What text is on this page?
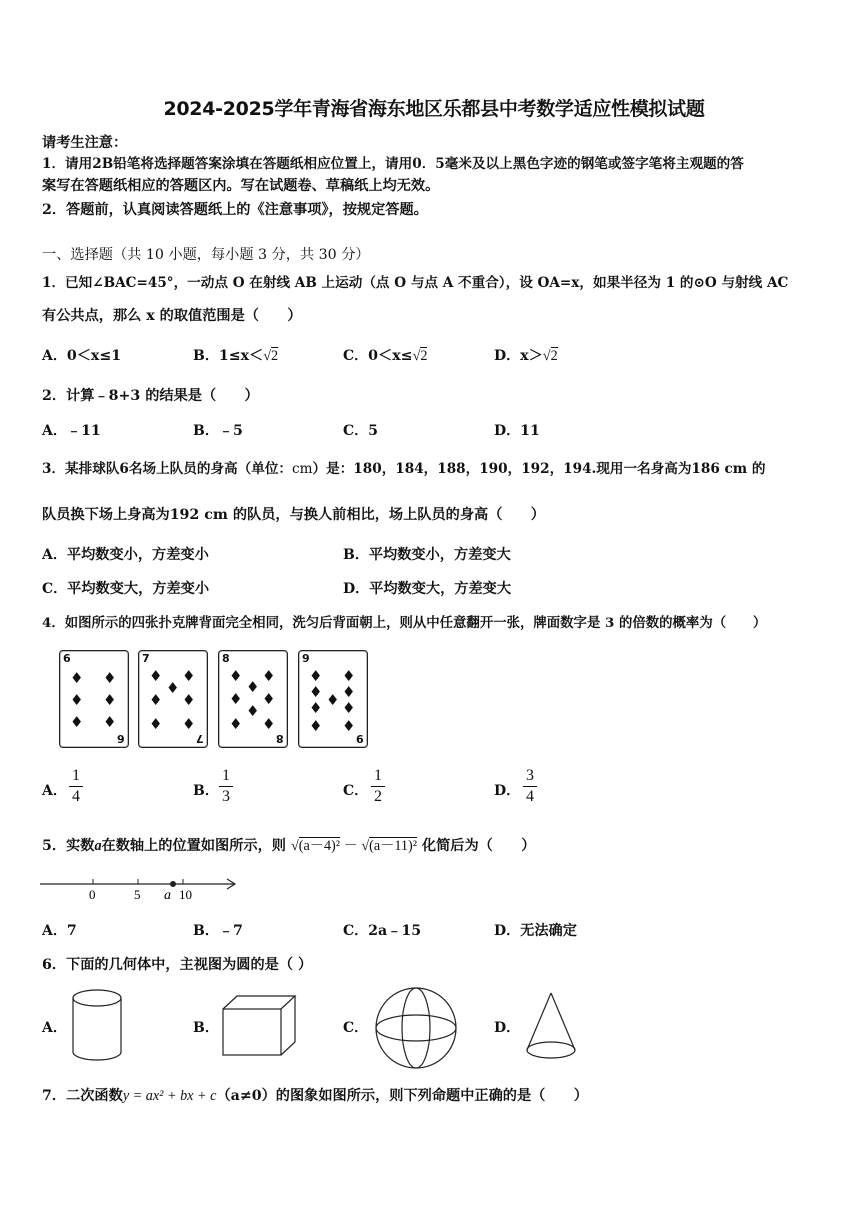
2024-2025学年青海省海东地区乐都县中考数学适应性模拟试题
请考生注意：
1．请用2B铅笔将选择题答案涂填在答题纸相应位置上，请用0．5毫米及以上黑色字迹的钢笔或签字笔将主观题的答
案写在答题纸相应的答题区内。写在试题卷、草稿纸上均无效。
2．答题前，认真阅读答题纸上的《注意事项》，按规定答题。
一、选择题（共 10 小题，每小题 3 分，共 30 分）
1．已知∠BAC=45°，一动点 O 在射线 AB 上运动（点 O 与点 A 不重合），设 OA=x，如果半径为 1 的⊙O 与射线 AC
有公共点，那么 x 的取值范围是（　　）
A．0＜x≤1	B．1≤x＜√2	C．0＜x≤√2	D．x＞√2
2．计算﹣8+3 的结果是（　　）
A．﹣11	B．﹣5	C．5	D．11
3．某排球队6名场上队员的身高（单位：cm）是：180，184，188，190，192，194.现用一名身高为186 cm 的
队员换下场上身高为192 cm 的队员，与换人前相比，场上队员的身高（　　）
A．平均数变小，方差变小	B．平均数变小，方差变大
C．平均数变大，方差变小	D．平均数变大，方差变大
4．如图所示的四张扑克牌背面完全相同，洗匀后背面朝上，则从中任意翻开一张，牌面数字是 3 的倍数的概率为（　　）
6
6
♦ ♦
♦ ♦
♦ ♦
7
7
♦ ♦
♦
♦ ♦
♦ ♦
8
8
♦ ♦
♦
♦ ♦
♦
♦ ♦
9
9
♦ ♦
♦ ♦
♦
♦ ♦
♦ ♦
A．
1
4	B．
1
3	C．
1
2	D．
3
4
5．实数a在数轴上的位置如图所示，则 √(a－4)² － √(a－11)² 化简后为（　　）
0	5	10
a
A．7	B．﹣7	C．2a﹣15	D．无法确定
6．下面的几何体中，主视图为圆的是（ ）
A．	B．	C．	D．
7．二次函数y = ax² + bx + c（a≠0）的图象如图所示，则下列命题中正确的是（　　）
